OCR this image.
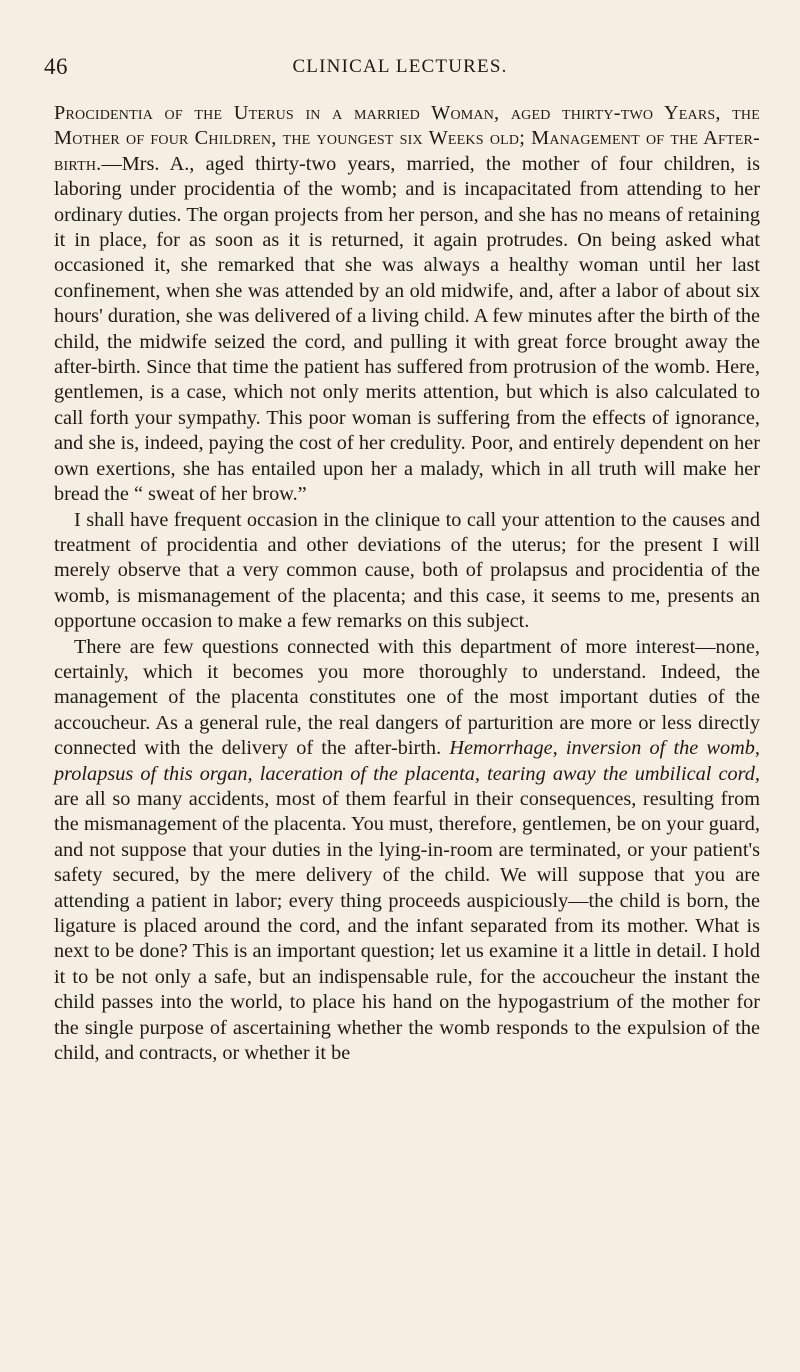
46	CLINICAL LECTURES.

Procidentia of the Uterus in a married Woman, aged thirty-two Years, the Mother of four Children, the youngest six Weeks old; Management of the After-birth.—Mrs. A., aged thirty-two years, married, the mother of four children, is laboring under procidentia of the womb; and is incapacitated from attending to her ordinary duties. The organ projects from her person, and she has no means of retaining it in place, for as soon as it is returned, it again protrudes. On being asked what occasioned it, she remarked that she was always a healthy woman until her last confinement, when she was attended by an old midwife, and, after a labor of about six hours' duration, she was delivered of a living child. A few minutes after the birth of the child, the midwife seized the cord, and pulling it with great force brought away the after-birth. Since that time the patient has suffered from protrusion of the womb. Here, gentlemen, is a case, which not only merits attention, but which is also calculated to call forth your sympathy. This poor woman is suffering from the effects of ignorance, and she is, indeed, paying the cost of her credulity. Poor, and entirely dependent on her own exertions, she has entailed upon her a malady, which in all truth will make her bread the “ sweat of her brow.”

I shall have frequent occasion in the clinique to call your attention to the causes and treatment of procidentia and other deviations of the uterus; for the present I will merely observe that a very common cause, both of prolapsus and procidentia of the womb, is mismanagement of the placenta; and this case, it seems to me, presents an opportune occasion to make a few remarks on this subject.

There are few questions connected with this department of more interest—none, certainly, which it becomes you more thoroughly to understand. Indeed, the management of the placenta constitutes one of the most important duties of the accoucheur. As a general rule, the real dangers of parturition are more or less directly connected with the delivery of the after-birth. Hemorrhage, inversion of the womb, prolapsus of this organ, laceration of the placenta, tearing away the umbilical cord, are all so many accidents, most of them fearful in their consequences, resulting from the mismanagement of the placenta. You must, therefore, gentlemen, be on your guard, and not suppose that your duties in the lying-in-room are terminated, or your patient's safety secured, by the mere delivery of the child. We will suppose that you are attending a patient in labor; every thing proceeds auspiciously—the child is born, the ligature is placed around the cord, and the infant separated from its mother. What is next to be done? This is an important question; let us examine it a little in detail. I hold it to be not only a safe, but an indispensable rule, for the accoucheur the instant the child passes into the world, to place his hand on the hypogastrium of the mother for the single purpose of ascertaining whether the womb responds to the expulsion of the child, and contracts, or whether it be
